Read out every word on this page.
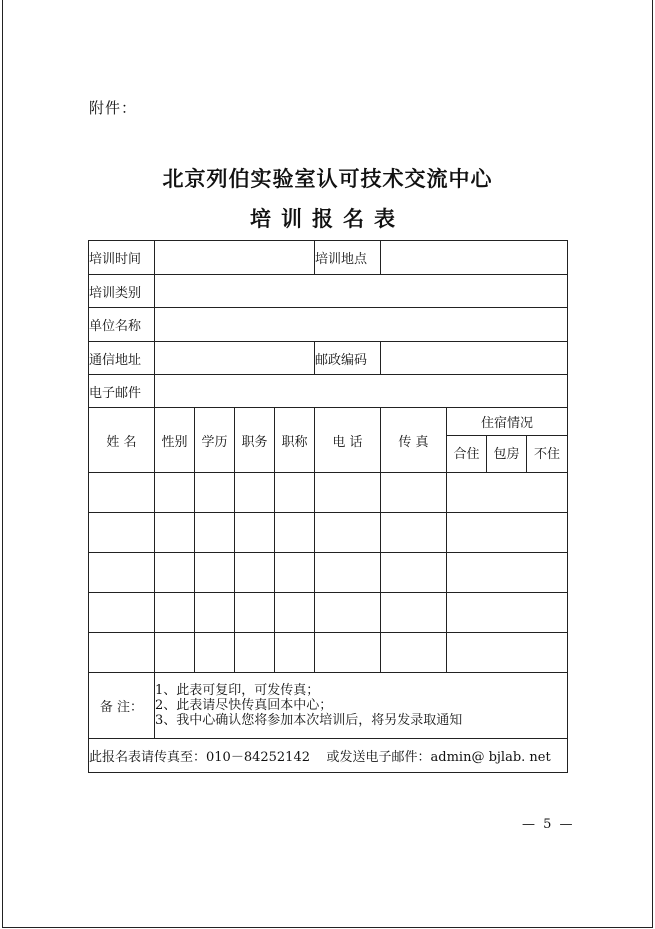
附件：
北京列伯实验室认可技术交流中心
培训报名表
培训时间					培训地点				
培训类别									
单位名称									
通信地址					邮政编码				
电子邮件									
姓 名	性别	学历	职务	职称	电 话	传 真	住宿情况		
							合住	包房	不住

备 注：	1、此表可复印，可发传真；
2、此表请尽快传真回本中心；
3、我中心确认您将参加本次培训后，将另发录取通知								

此报名表请传真至：010－84252142    或发送电子邮件：admin@ bjlab. net									
— 5 —
